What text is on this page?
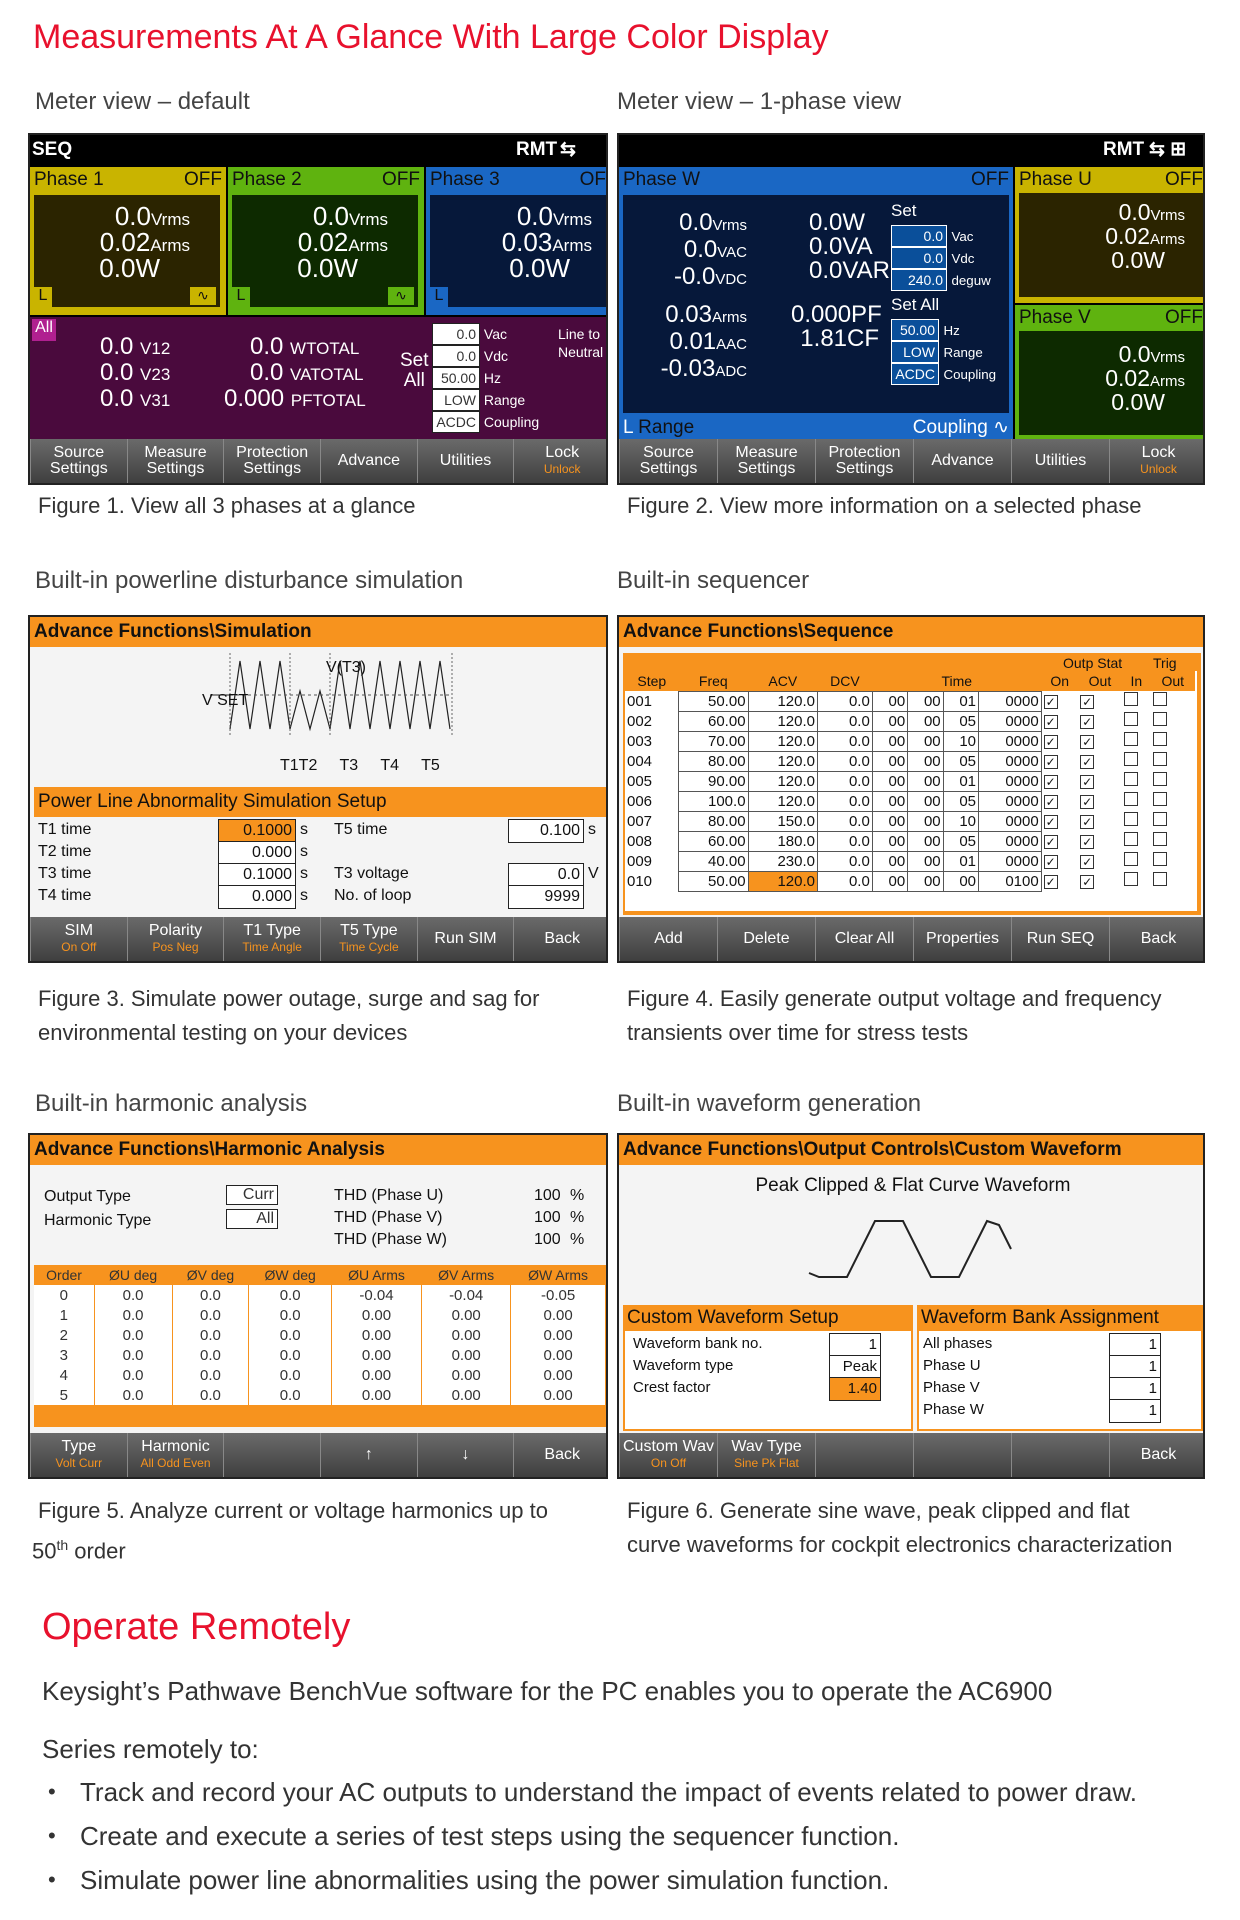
Measurements At A Glance With Large Color Display
Meter view – default	Meter view – 1-phase view
SEQ	RMT ⇆
Phase 1	OFF
0.0Vrms
0.02Arms
0.0W
L	∿
Phase 2	OFF
0.0Vrms
0.02Arms
0.0W
L	∿
Phase 3	OF
0.0Vrms
0.03Arms
0.0W
L
All
0.0 V12
0.0 V23
0.0 V31
0.0 WTOTAL
0.0 VATOTAL
0.000 PFTOTAL
Set
All
0.0 Vac
0.0 Vdc
50.00 Hz
LOW Range
ACDC Coupling
Line to
Neutral
Source
Settings
Measure
Settings
Protection
Settings Advance Utilities	Lock
Unlock
RMT ⇆ ⊞
Phase W	OFF
0.0Vrms
0.0VAC
-0.0VDC
0.0W
0.0VA
0.0VAR
Set
0.0 Vac
0.0 Vdc
240.0 deguw
0.03Arms
0.01AAC
-0.03ADC
0.000PF
1.81CF
Set All
50.00 Hz
LOW Range
ACDC Coupling
L Range	Coupling ∿
Phase U	OFF
0.0Vrms
0.02Arms
0.0W
Phase V	OFF
0.0Vrms
0.02Arms
0.0W
Source
Settings
Measure
Settings
Protection
Settings Advance	Utilities	Lock
Unlock
Figure 1. View all 3 phases at a glance	Figure 2. View more information on a selected phase
Built-in powerline disturbance simulation	Built-in sequencer
Advance Functions\Simulation
V SET
V(T3)
T1T2 T3 T4 T5
Power Line Abnormality Simulation Setup
T1 time	0.1000 s T5 time	0.100 s
T2 time	0.000 s
T3 time	0.1000 s T3 voltage	0.0 V
T4 time	0.000 s No. of loop	9999
SIM
On Off
Polarity
Pos Neg
T1 Type
Time Angle
T5 Type
Time Cycle Run SIM	Back
Advance Functions\Sequence
Outp Stat Trig
Step	Freq	ACV	DCV	Time				On	Out	In	Out
001	50.00	120.0	0.0	00	00	01	0000	✓	✓		
002	60.00	120.0	0.0	00	00	05	0000	✓	✓		
003	70.00	120.0	0.0	00	00	10	0000	✓	✓		
004	80.00	120.0	0.0	00	00	05	0000	✓	✓		
005	90.00	120.0	0.0	00	00	01	0000	✓	✓		
006	100.0	120.0	0.0	00	00	05	0000	✓	✓		
007	80.00	150.0	0.0	00	00	10	0000	✓	✓		
008	60.00	180.0	0.0	00	00	05	0000	✓	✓		
009	40.00	230.0	0.0	00	00	01	0000	✓	✓		
010	50.00	120.0	0.0	00	00	00	0100	✓	✓		
Add	Delete	Clear All Properties Run SEQ	Back
Figure 3. Simulate power outage, surge and sag for
environmental testing on your devices
Figure 4. Easily generate output voltage and frequency
transients over time for stress tests
Built-in harmonic analysis	Built-in waveform generation
Advance Functions\Harmonic Analysis
Output Type
Harmonic Type
Curr
All
THD (Phase U)	100 %
THD (Phase V)	100 %
THD (Phase W)	100 %
Order	ØU deg	ØV deg	ØW deg	ØU Arms	ØV Arms	ØW Arms
0	0.0	0.0	0.0	-0.04	-0.04	-0.05
1	0.0	0.0	0.0	0.00	0.00	0.00
2	0.0	0.0	0.0	0.00	0.00	0.00
3	0.0	0.0	0.0	0.00	0.00	0.00
4	0.0	0.0	0.0	0.00	0.00	0.00
5	0.0	0.0	0.0	0.00	0.00	0.00
Type
Volt Curr
Harmonic
All Odd Even	↑	↓	Back
Advance Functions\Output Controls\Custom Waveform
Peak Clipped & Flat Curve Waveform
Custom Waveform Setup
Waveform bank no.	1
Waveform type	Peak
Crest factor	1.40
Waveform Bank Assignment
All phases	1
Phase U	1
Phase V	1
Phase W	1
Custom Wav
On Off
Wav Type
Sine Pk Flat	Back
Figure 5. Analyze current or voltage harmonics up to
50th order
Figure 6. Generate sine wave, peak clipped and flat
curve waveforms for cockpit electronics characterization
Operate Remotely
Keysight’s Pathwave BenchVue software for the PC enables you to operate the AC6900
Series remotely to:
• Track and record your AC outputs to understand the impact of events related to power draw.
• Create and execute a series of test steps using the sequencer function.
• Simulate power line abnormalities using the power simulation function.
